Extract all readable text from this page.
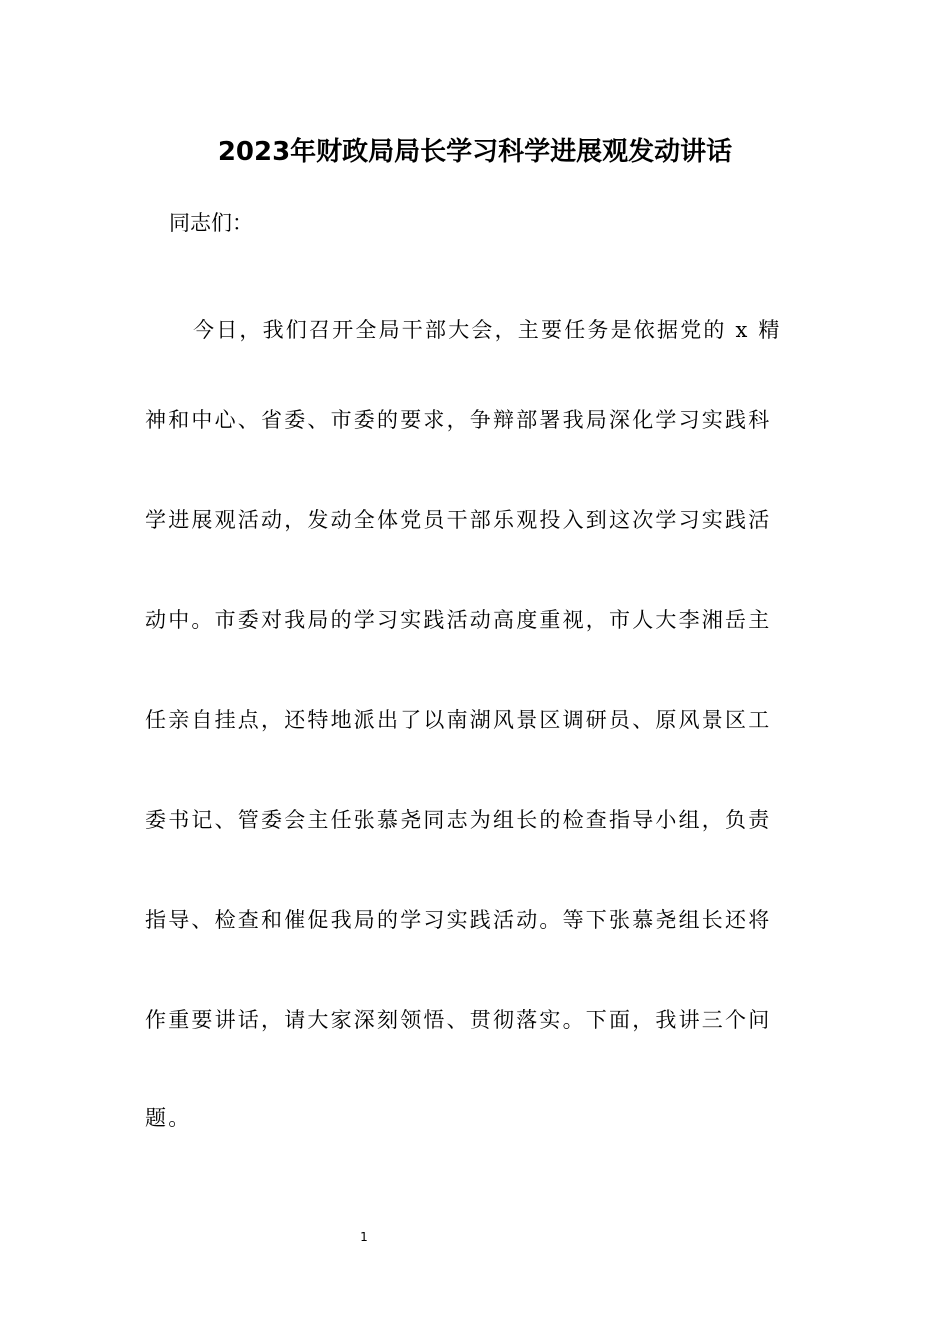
2023年财政局局长学习科学进展观发动讲话
同志们：
今日，我们召开全局干部大会，主要任务是依据党的 x 精
神和中心、省委、市委的要求，争辩部署我局深化学习实践科
学进展观活动，发动全体党员干部乐观投入到这次学习实践活
动中。市委对我局的学习实践活动高度重视，市人大李湘岳主
任亲自挂点，还特地派出了以南湖风景区调研员、原风景区工
委书记、管委会主任张慕尧同志为组长的检查指导小组，负责
指导、检查和催促我局的学习实践活动。等下张慕尧组长还将
作重要讲话，请大家深刻领悟、贯彻落实。下面，我讲三个问
题。
1
